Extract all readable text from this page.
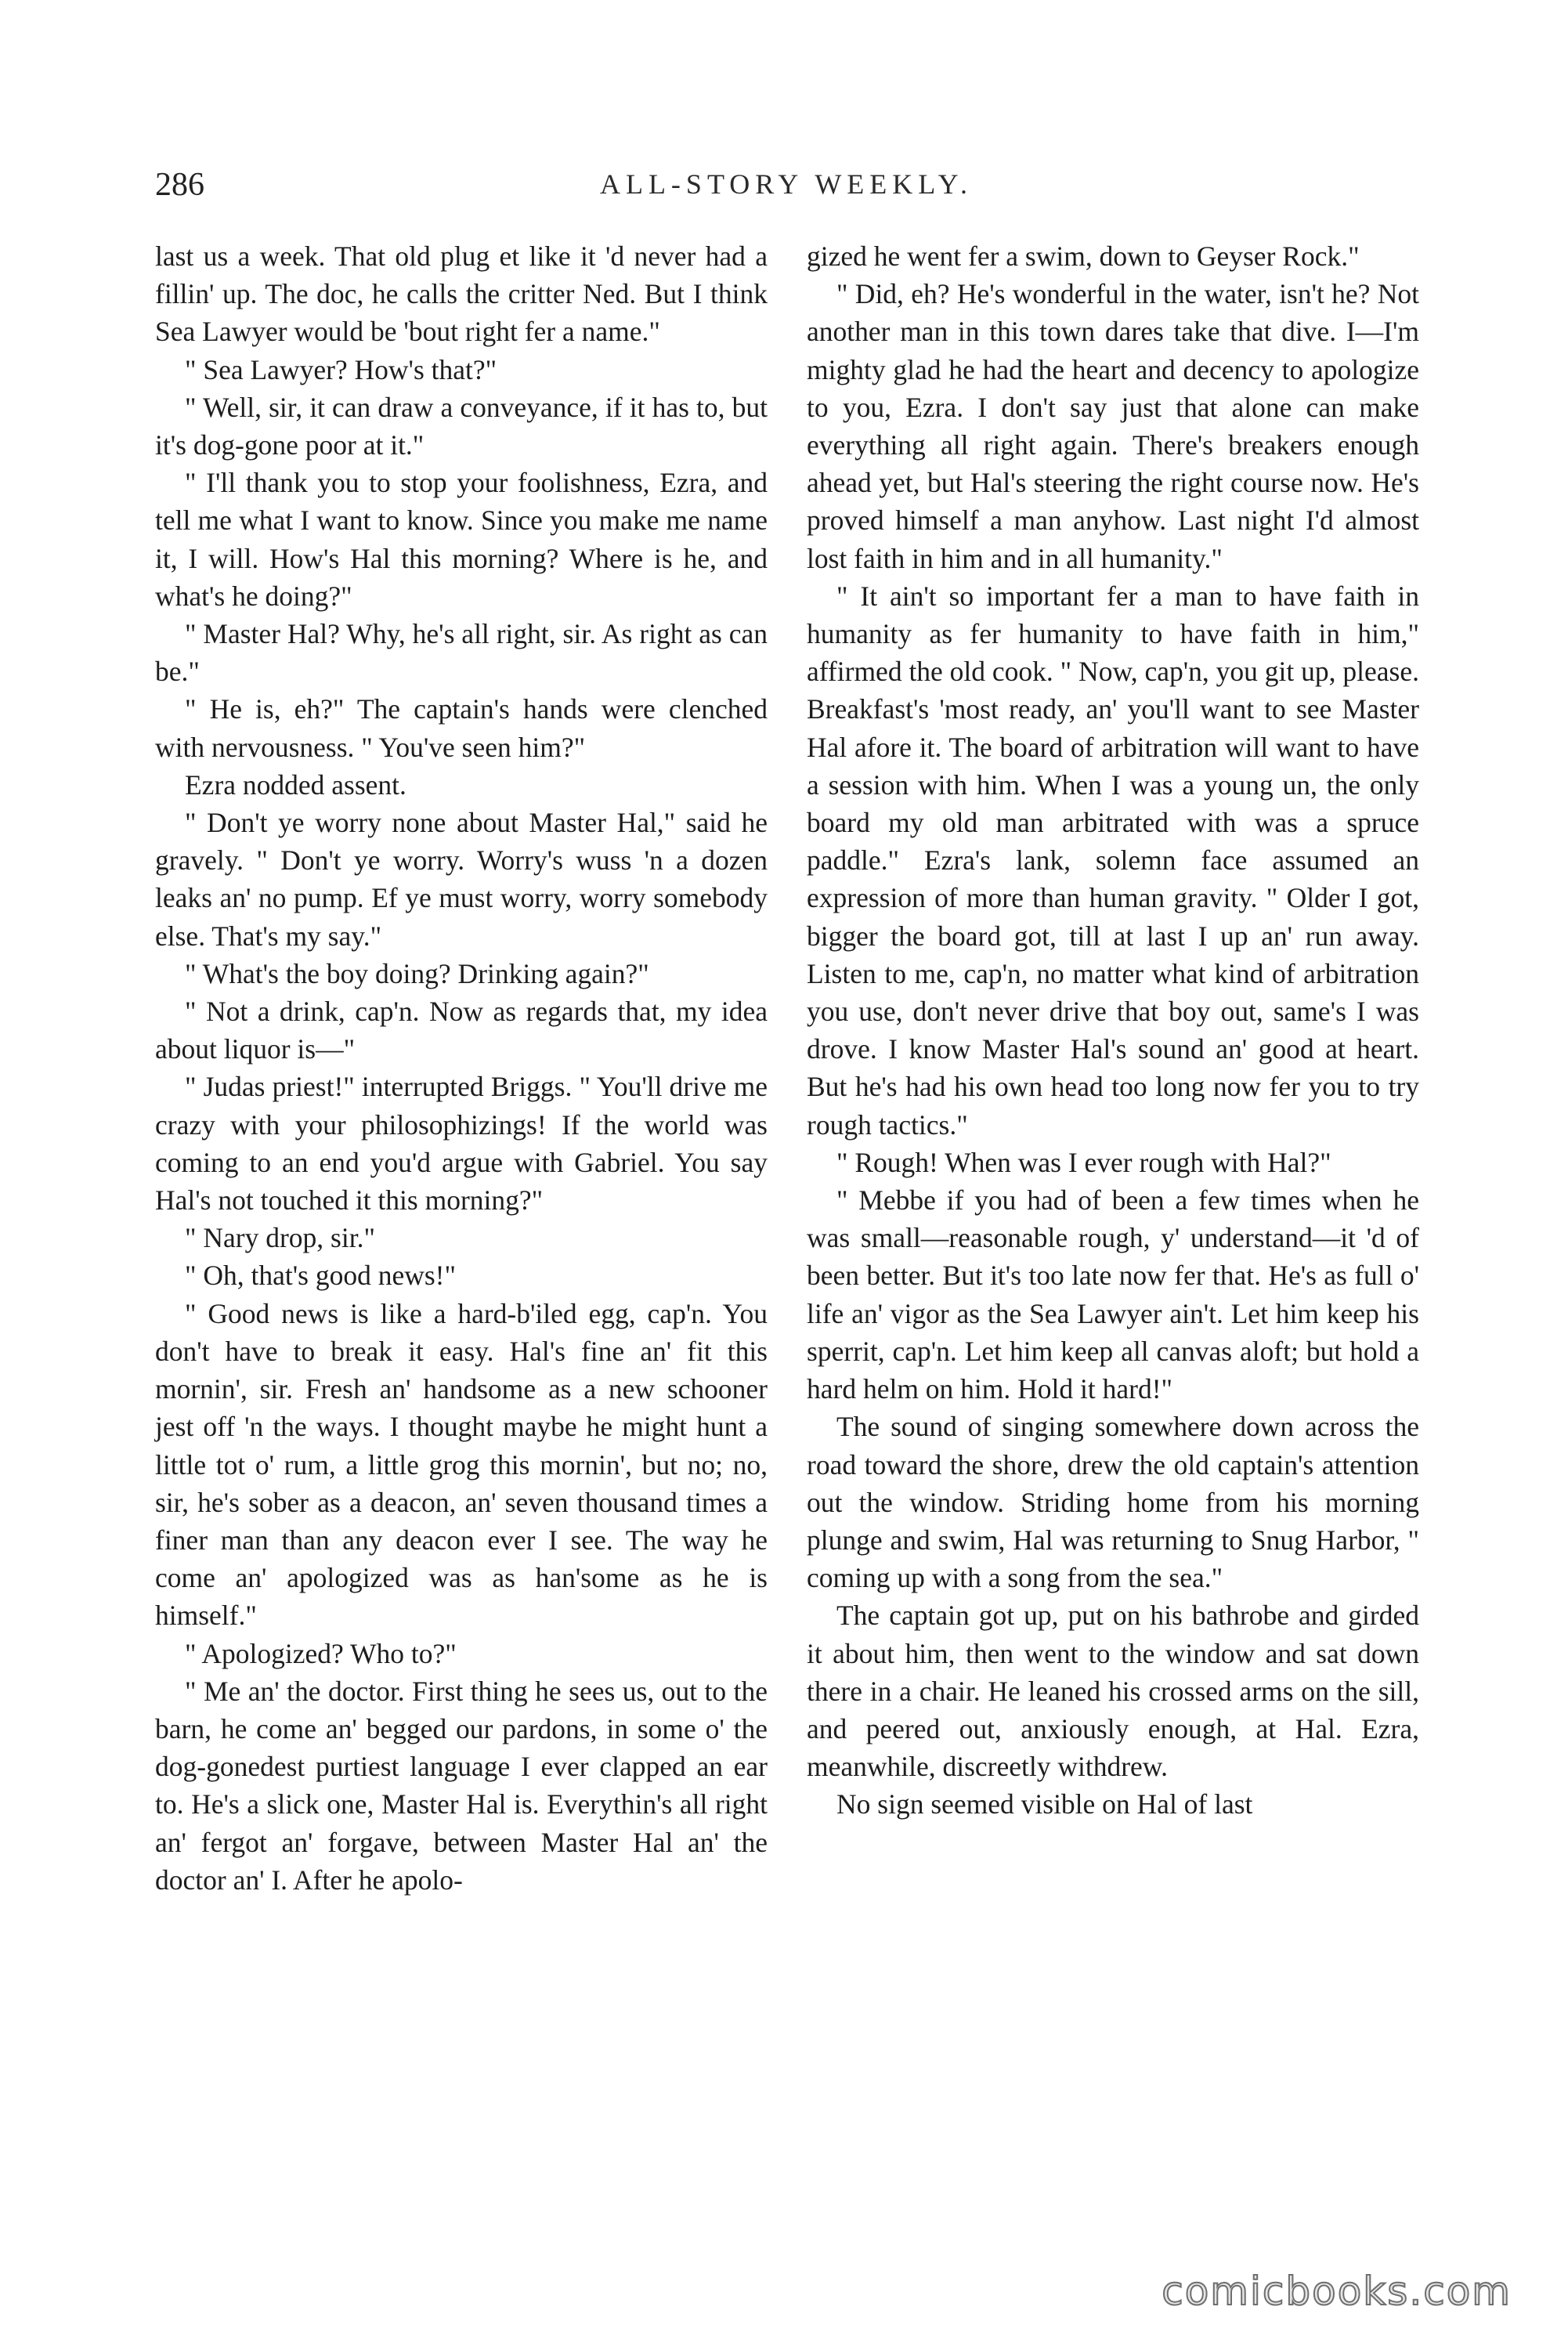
286	ALL-STORY WEEKLY.

last us a week. That old plug et like it 'd never had a fillin' up. The doc, he calls the critter Ned. But I think Sea Lawyer would be 'bout right fer a name."

" Sea Lawyer? How's that?"

" Well, sir, it can draw a conveyance, if it has to, but it's dog-gone poor at it."

" I'll thank you to stop your foolishness, Ezra, and tell me what I want to know. Since you make me name it, I will. How's Hal this morning? Where is he, and what's he doing?"

" Master Hal? Why, he's all right, sir. As right as can be."

" He is, eh?" The captain's hands were clenched with nervousness. " You've seen him?"

Ezra nodded assent.

" Don't ye worry none about Master Hal," said he gravely. " Don't ye worry. Worry's wuss 'n a dozen leaks an' no pump. Ef ye must worry, worry somebody else. That's my say."

" What's the boy doing? Drinking again?"

" Not a drink, cap'n. Now as regards that, my idea about liquor is—"

" Judas priest!" interrupted Briggs. " You'll drive me crazy with your philosophizings! If the world was coming to an end you'd argue with Gabriel. You say Hal's not touched it this morning?"

" Nary drop, sir."

" Oh, that's good news!"

" Good news is like a hard-b'iled egg, cap'n. You don't have to break it easy. Hal's fine an' fit this mornin', sir. Fresh an' handsome as a new schooner jest off 'n the ways. I thought maybe he might hunt a little tot o' rum, a little grog this mornin', but no; no, sir, he's sober as a deacon, an' seven thousand times a finer man than any deacon ever I see. The way he come an' apologized was as han'some as he is himself."

" Apologized? Who to?"

" Me an' the doctor. First thing he sees us, out to the barn, he come an' begged our pardons, in some o' the dog-gonedest purtiest language I ever clapped an ear to. He's a slick one, Master Hal is. Everythin's all right an' fergot an' forgave, between Master Hal an' the doctor an' I. After he apolo-

gized he went fer a swim, down to Geyser Rock."

" Did, eh? He's wonderful in the water, isn't he? Not another man in this town dares take that dive. I—I'm mighty glad he had the heart and decency to apologize to you, Ezra. I don't say just that alone can make everything all right again. There's breakers enough ahead yet, but Hal's steering the right course now. He's proved himself a man anyhow. Last night I'd almost lost faith in him and in all humanity."

" It ain't so important fer a man to have faith in humanity as fer humanity to have faith in him," affirmed the old cook. " Now, cap'n, you git up, please. Breakfast's 'most ready, an' you'll want to see Master Hal afore it. The board of arbitration will want to have a session with him. When I was a young un, the only board my old man arbitrated with was a spruce paddle." Ezra's lank, solemn face assumed an expression of more than human gravity. " Older I got, bigger the board got, till at last I up an' run away. Listen to me, cap'n, no matter what kind of arbitration you use, don't never drive that boy out, same's I was drove. I know Master Hal's sound an' good at heart. But he's had his own head too long now fer you to try rough tactics."

" Rough! When was I ever rough with Hal?"

" Mebbe if you had of been a few times when he was small—reasonable rough, y' understand—it 'd of been better. But it's too late now fer that. He's as full o' life an' vigor as the Sea Lawyer ain't. Let him keep his sperrit, cap'n. Let him keep all canvas aloft; but hold a hard helm on him. Hold it hard!"

The sound of singing somewhere down across the road toward the shore, drew the old captain's attention out the window. Striding home from his morning plunge and swim, Hal was returning to Snug Harbor, " coming up with a song from the sea."

The captain got up, put on his bathrobe and girded it about him, then went to the window and sat down there in a chair. He leaned his crossed arms on the sill, and peered out, anxiously enough, at Hal. Ezra, meanwhile, discreetly withdrew.

No sign seemed visible on Hal of last

comicbooks.com
